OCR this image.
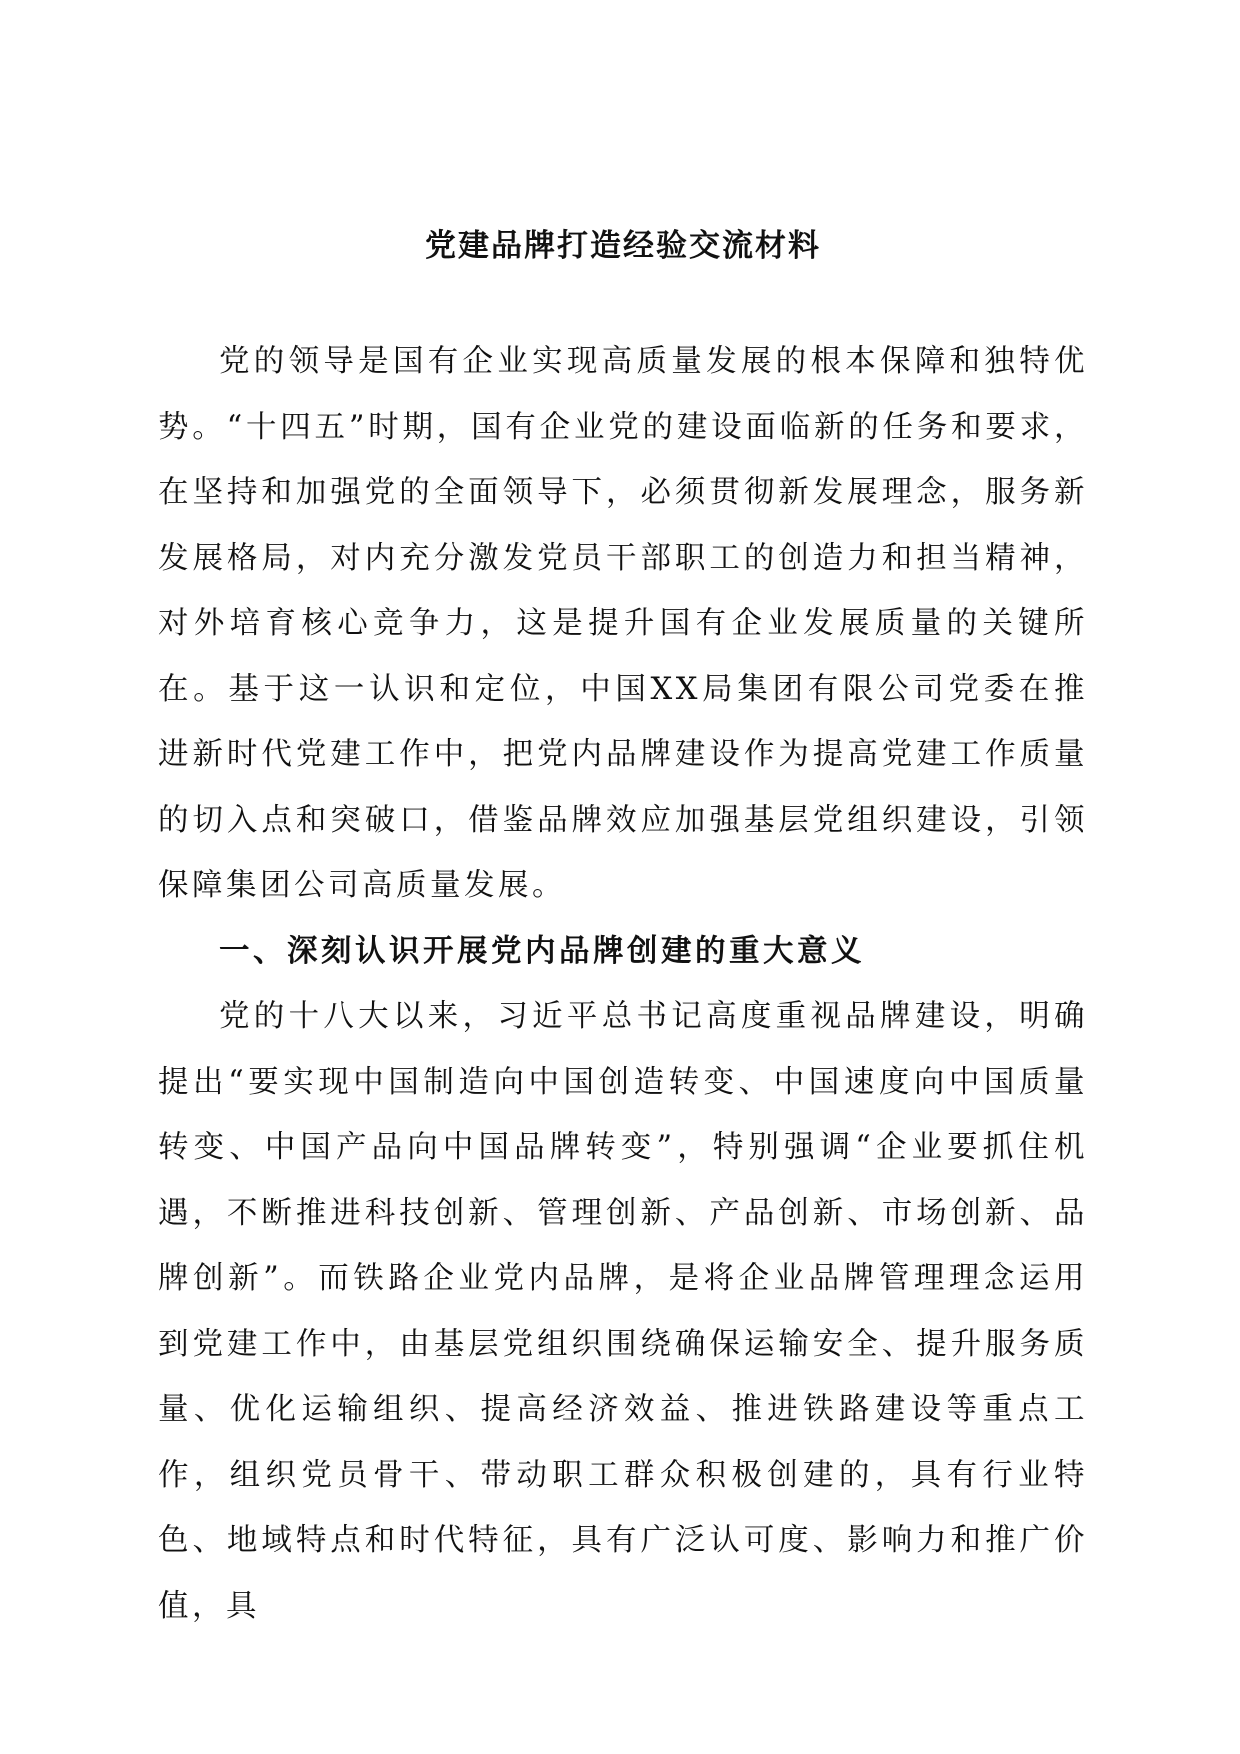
党建品牌打造经验交流材料

党的领导是国有企业实现高质量发展的根本保障和独特优势。“十四五”时期，国有企业党的建设面临新的任务和要求，在坚持和加强党的全面领导下，必须贯彻新发展理念，服务新发展格局，对内充分激发党员干部职工的创造力和担当精神，对外培育核心竞争力，这是提升国有企业发展质量的关键所在。基于这一认识和定位，中国XX局集团有限公司党委在推进新时代党建工作中，把党内品牌建设作为提高党建工作质量的切入点和突破口，借鉴品牌效应加强基层党组织建设，引领保障集团公司高质量发展。

一、深刻认识开展党内品牌创建的重大意义

党的十八大以来，习近平总书记高度重视品牌建设，明确提出“要实现中国制造向中国创造转变、中国速度向中国质量转变、中国产品向中国品牌转变”，特别强调“企业要抓住机遇，不断推进科技创新、管理创新、产品创新、市场创新、品牌创新”。而铁路企业党内品牌，是将企业品牌管理理念运用到党建工作中，由基层党组织围绕确保运输安全、提升服务质量、优化运输组织、提高经济效益、推进铁路建设等重点工作，组织党员骨干、带动职工群众积极创建的，具有行业特色、地域特点和时代特征，具有广泛认可度、影响力和推广价值，具
